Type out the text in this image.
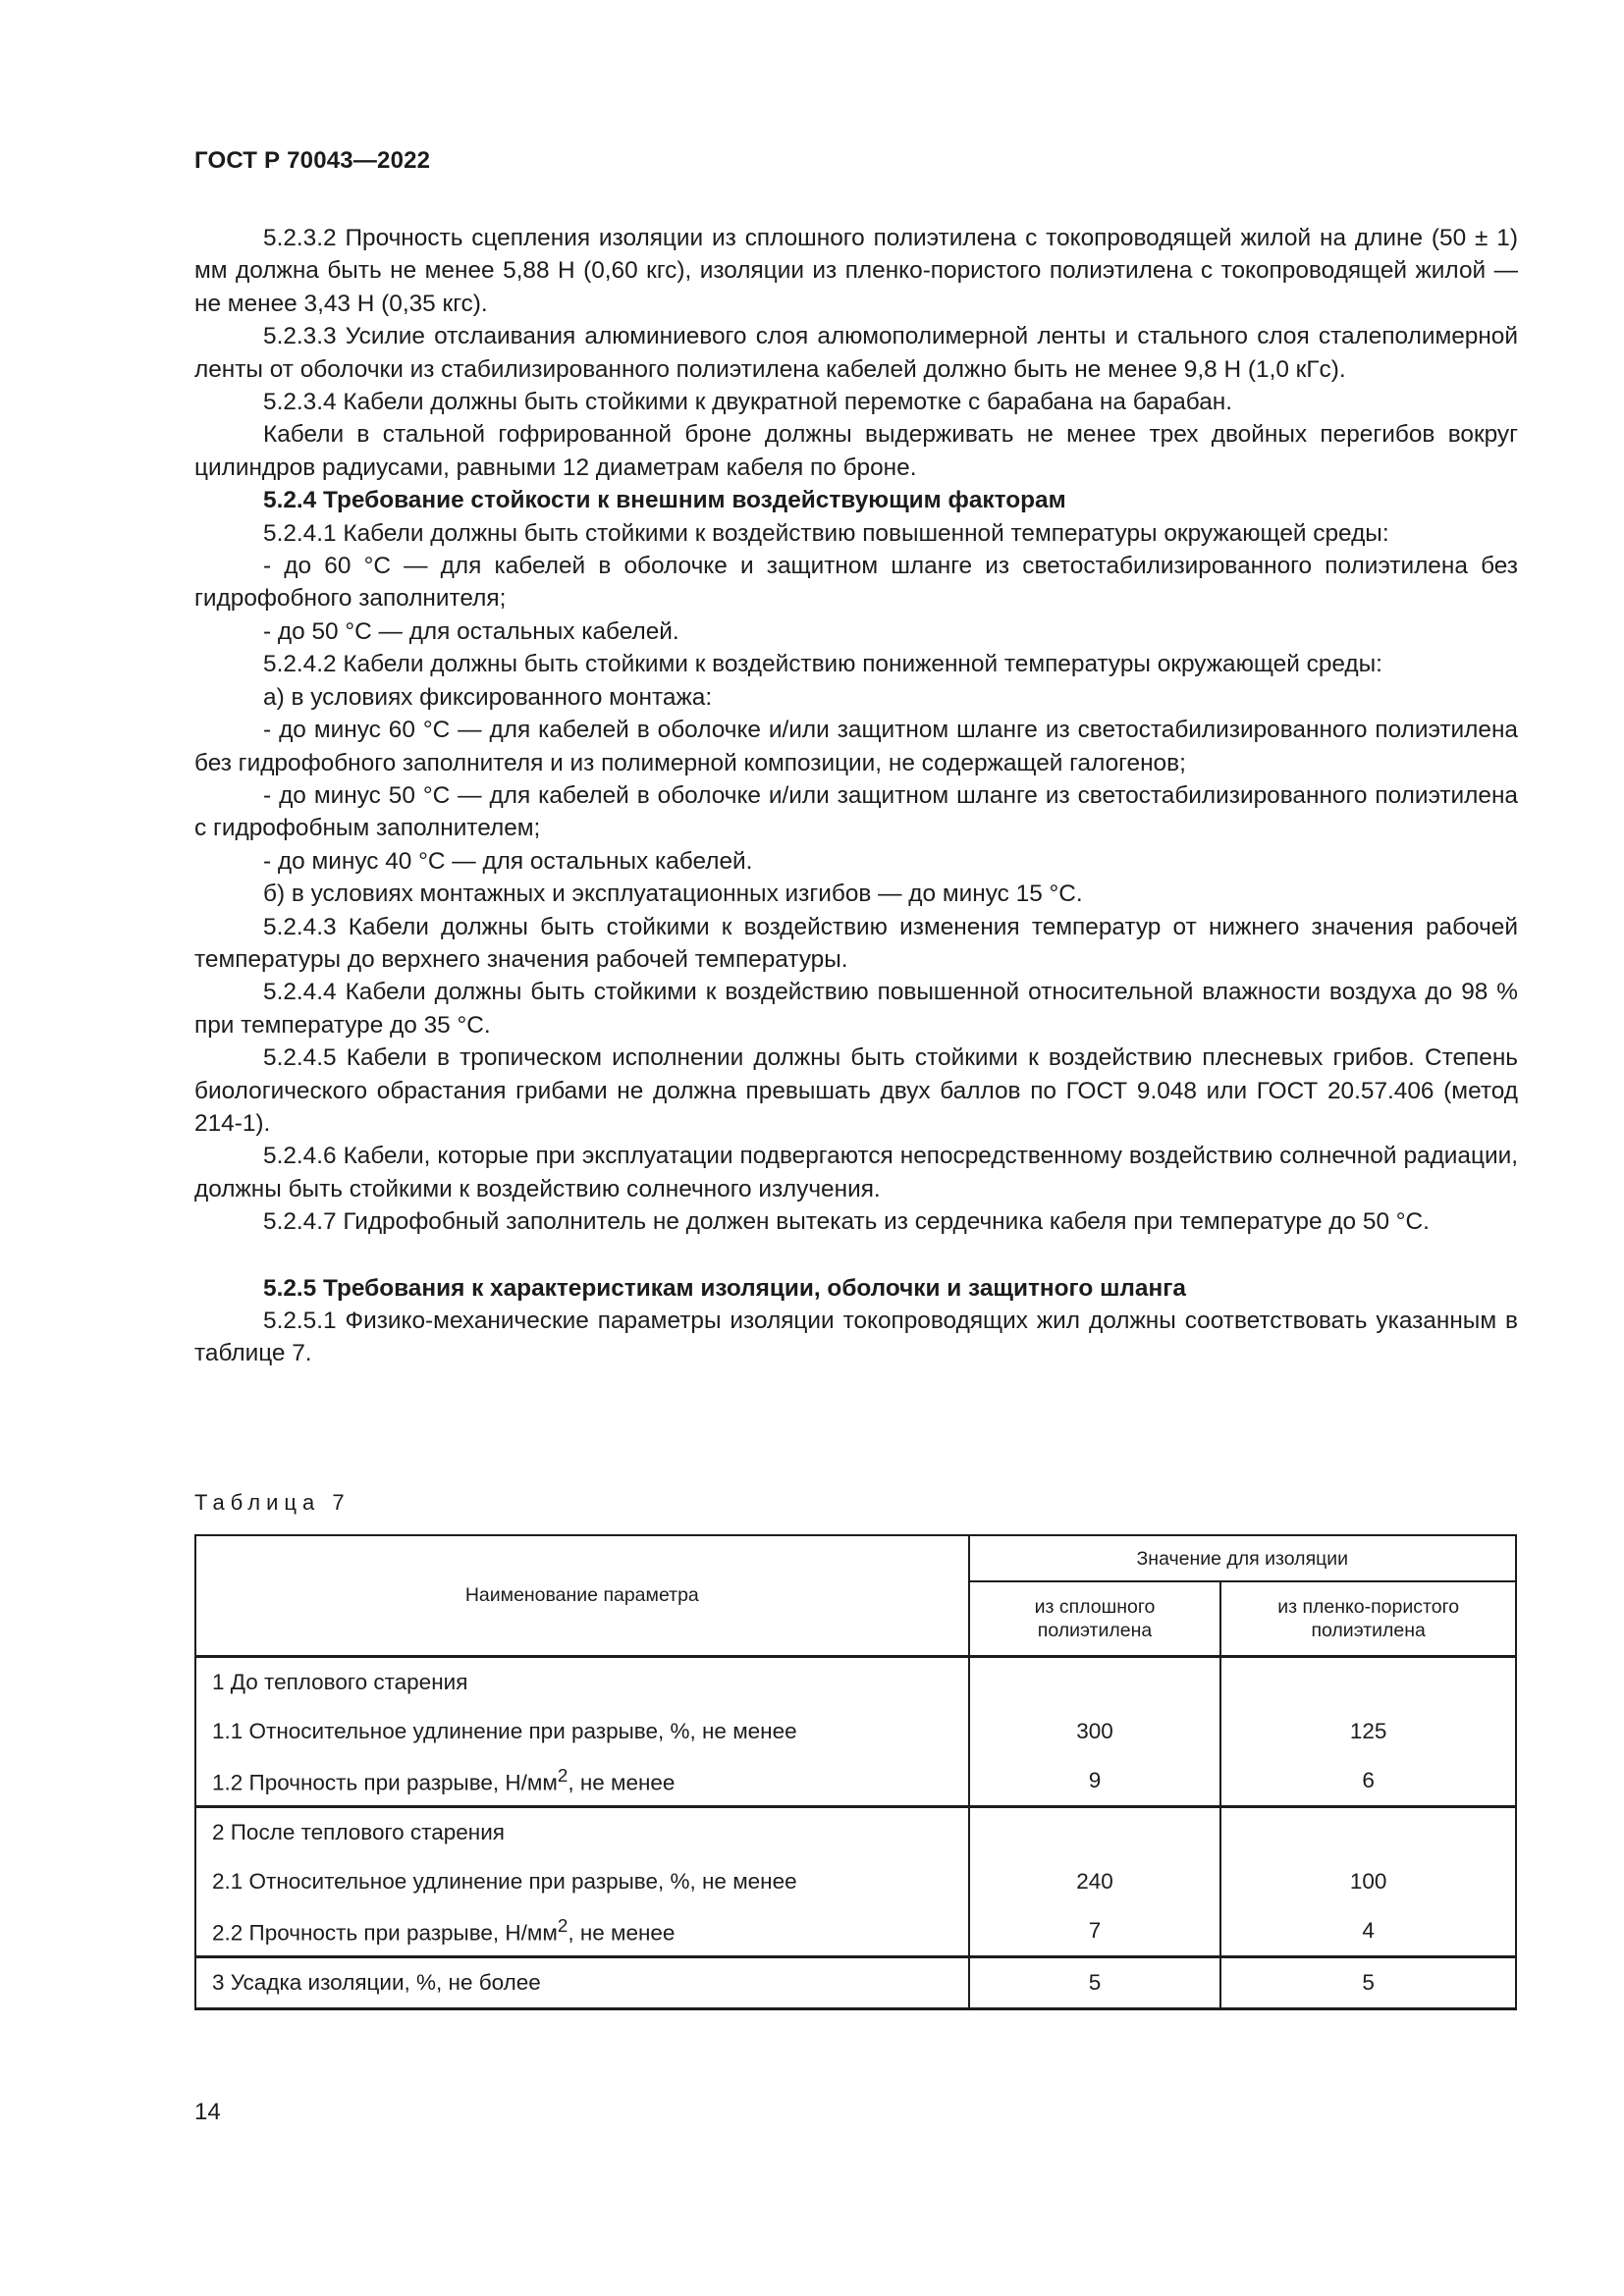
ГОСТ Р 70043—2022

5.2.3.2 Прочность сцепления изоляции из сплошного полиэтилена с токопроводящей жилой на длине (50 ± 1) мм должна быть не менее 5,88 Н (0,60 кгс), изоляции из пленко-пористого полиэтилена с токопроводящей жилой — не менее 3,43 Н (0,35 кгс).

5.2.3.3 Усилие отслаивания алюминиевого слоя алюмополимерной ленты и стального слоя сталеполимерной ленты от оболочки из стабилизированного полиэтилена кабелей должно быть не менее 9,8 Н (1,0 кГс).

5.2.3.4 Кабели должны быть стойкими к двукратной перемотке с барабана на барабан.

Кабели в стальной гофрированной броне должны выдерживать не менее трех двойных перегибов вокруг цилиндров радиусами, равными 12 диаметрам кабеля по броне.

5.2.4 Требование стойкости к внешним воздействующим факторам

5.2.4.1 Кабели должны быть стойкими к воздействию повышенной температуры окружающей среды:

- до 60 °С — для кабелей в оболочке и защитном шланге из светостабилизированного полиэтилена без гидрофобного заполнителя;

- до 50 °С — для остальных кабелей.

5.2.4.2 Кабели должны быть стойкими к воздействию пониженной температуры окружающей среды:

а) в условиях фиксированного монтажа:

- до минус 60 °С — для кабелей в оболочке и/или защитном шланге из светостабилизированного полиэтилена без гидрофобного заполнителя и из полимерной композиции, не содержащей галогенов;

- до минус 50 °С — для кабелей в оболочке и/или защитном шланге из светостабилизированного полиэтилена с гидрофобным заполнителем;

- до минус 40 °С — для остальных кабелей.

б) в условиях монтажных и эксплуатационных изгибов — до минус 15 °С.

5.2.4.3 Кабели должны быть стойкими к воздействию изменения температур от нижнего значения рабочей температуры до верхнего значения рабочей температуры.

5.2.4.4 Кабели должны быть стойкими к воздействию повышенной относительной влажности воздуха до 98 % при температуре до 35 °С.

5.2.4.5 Кабели в тропическом исполнении должны быть стойкими к воздействию плесневых грибов. Степень биологического обрастания грибами не должна превышать двух баллов по ГОСТ 9.048 или ГОСТ 20.57.406 (метод 214-1).

5.2.4.6 Кабели, которые при эксплуатации подвергаются непосредственному воздействию солнечной радиации, должны быть стойкими к воздействию солнечного излучения.

5.2.4.7 Гидрофобный заполнитель не должен вытекать из сердечника кабеля при температуре до 50 °С.

5.2.5 Требования к характеристикам изоляции, оболочки и защитного шланга

5.2.5.1 Физико-механические параметры изоляции токопроводящих жил должны соответствовать указанным в таблице 7.

Таблица 7
Наименование параметра	Значение для изоляции	
	из сплошного полиэтилена	из пленко-пористого полиэтилена
1 До теплового старения		
1.1 Относительное удлинение при разрыве, %, не менее	300	125
1.2 Прочность при разрыве, $Н/мм^2$, не менее	9	6
2 После теплового старения		
2.1 Относительное удлинение при разрыве, %, не менее	240	100
2.2 Прочность при разрыве, $Н/мм^2$, не менее	7	4
3 Усадка изоляции, %, не более	5	5
14
